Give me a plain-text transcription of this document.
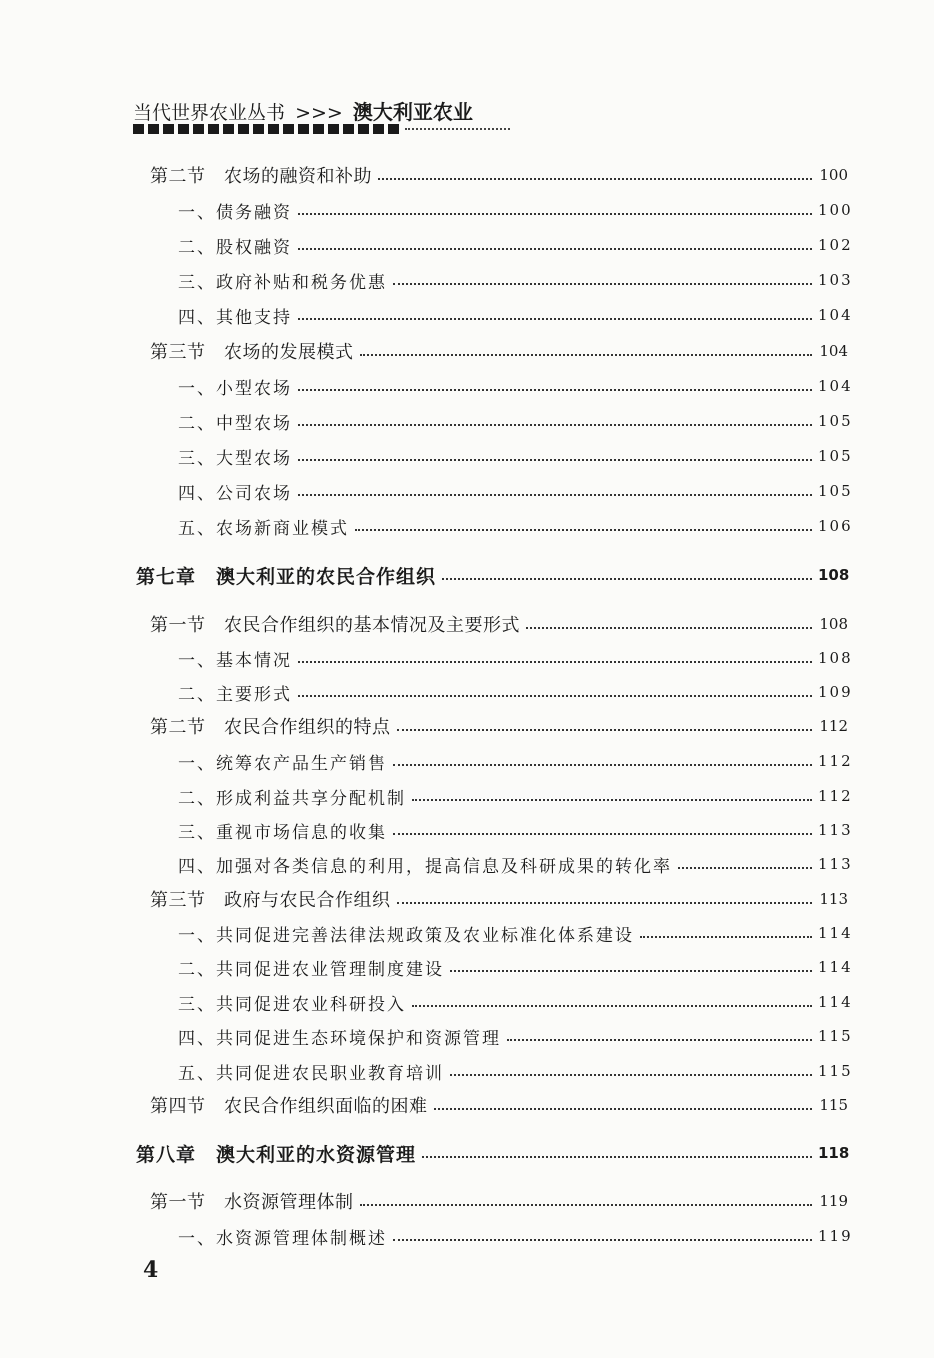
当代世界农业丛书 >>> 澳大利亚农业
第二节　农场的融资和补助	100
一、债务融资	100
二、股权融资	102
三、政府补贴和税务优惠	103
四、其他支持	104
第三节　农场的发展模式	104
一、小型农场	104
二、中型农场	105
三、大型农场	105
四、公司农场	105
五、农场新商业模式	106
第七章　澳大利亚的农民合作组织	108
第一节　农民合作组织的基本情况及主要形式	108
一、基本情况	108
二、主要形式	109
第二节　农民合作组织的特点	112
一、统筹农产品生产销售	112
二、形成利益共享分配机制	112
三、重视市场信息的收集	113
四、加强对各类信息的利用，提高信息及科研成果的转化率	113
第三节　政府与农民合作组织	113
一、共同促进完善法律法规政策及农业标准化体系建设	114
二、共同促进农业管理制度建设	114
三、共同促进农业科研投入	114
四、共同促进生态环境保护和资源管理	115
五、共同促进农民职业教育培训	115
第四节　农民合作组织面临的困难	115
第八章　澳大利亚的水资源管理	118
第一节　水资源管理体制	119
一、水资源管理体制概述	119
4
